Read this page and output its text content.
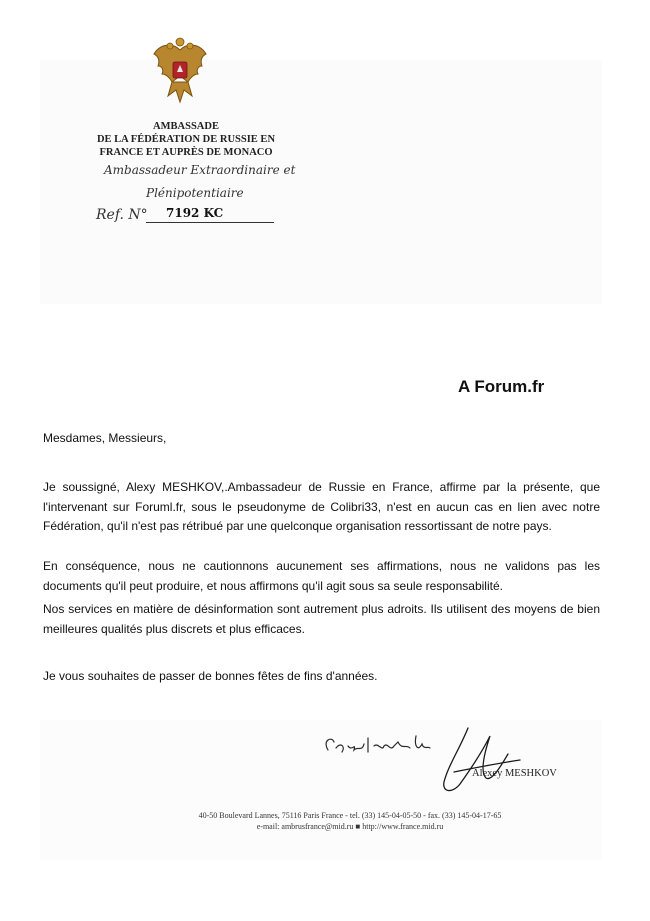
AMBASSADE
DE LA FÉDÉRATION DE RUSSIE EN
FRANCE ET AUPRÈS DE MONACO
Ambassadeur Extraordinaire et
Plénipotentiaire
Ref. N° 7192 KC
A Forum.fr
Mesdames, Messieurs,

Je soussigné, Alexy MESHKOV,.Ambassadeur de Russie en France, affirme par la présente, que l'intervenant sur Foruml.fr, sous le pseudonyme de Colibri33, n'est en aucun cas en lien avec notre Fédération, qu'il n'est pas rétribué par une quelconque organisation ressortissant de notre pays.

En conséquence, nous ne cautionnons aucunement ses affirmations, nous ne validons pas les documents qu'il peut produire, et nous affirmons qu'il agit sous sa seule responsabilité.

Nos services en matière de désinformation sont autrement plus adroits. Ils utilisent des moyens de bien meilleures qualités plus discrets et plus efficaces.

Je vous souhaites de passer de bonnes fêtes de fins d'années.
Alexey MESHKOV
40-50 Boulevard Lannes, 75116 Paris France - tel. (33) 145-04-05-50 - fax. (33) 145-04-17-65
e-mail: ambrusfrance@mid.ru ■ http://www.france.mid.ru
